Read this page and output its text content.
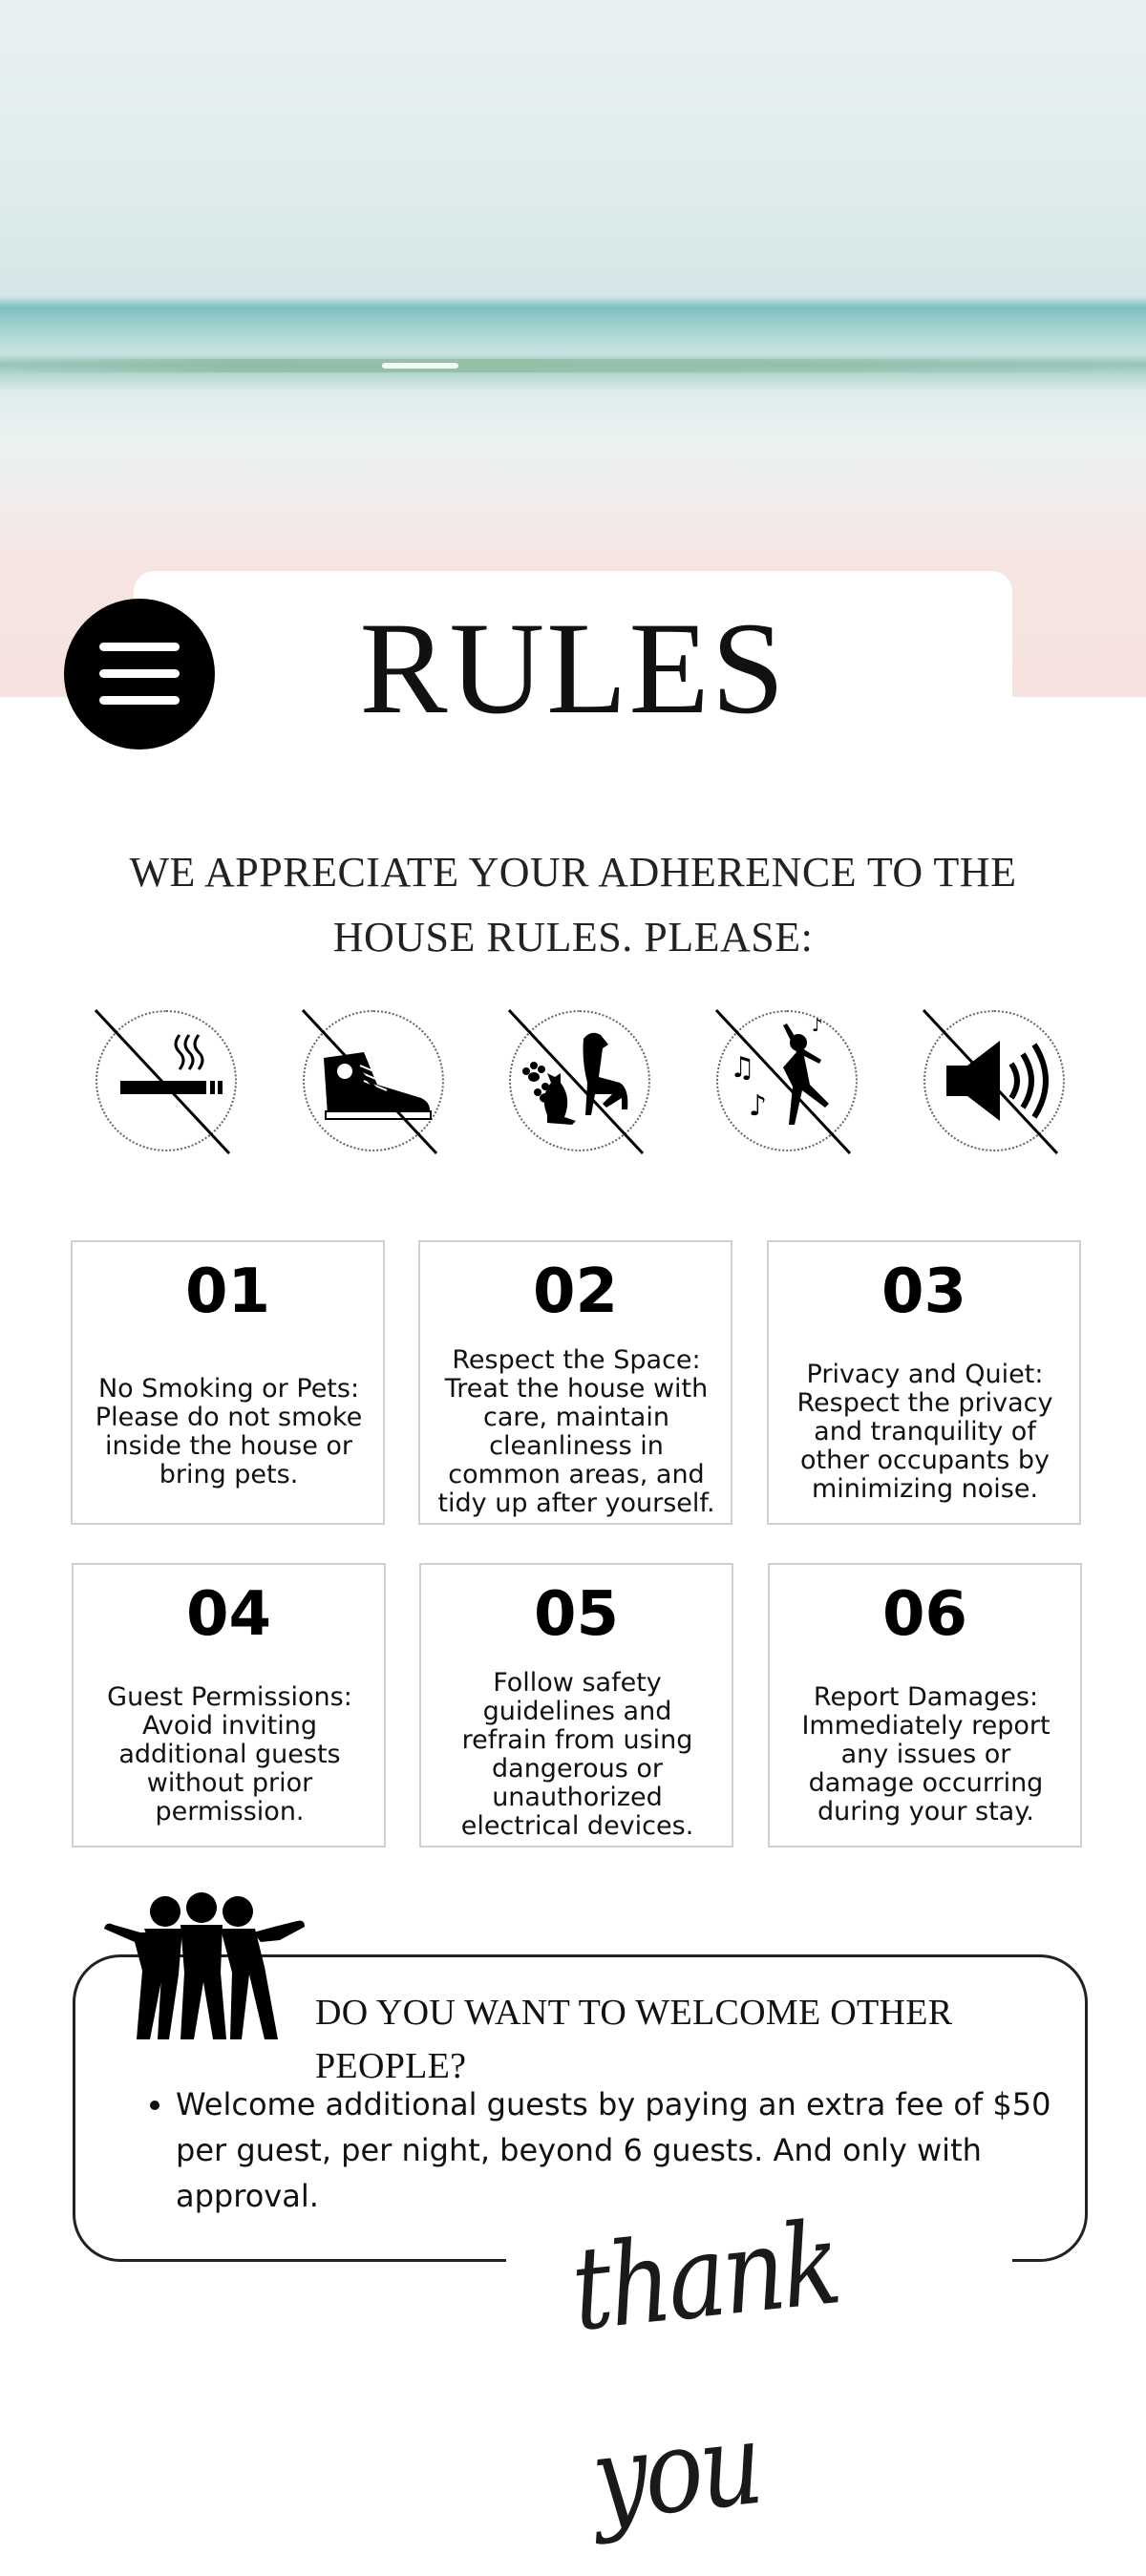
RULES
WE APPRECIATE YOUR ADHERENCE TO THE
HOUSE RULES. PLEASE:
♫
♪
♪
01
No Smoking or Pets: Please do not smoke inside the house or bring pets.
02
Respect the Space: Treat the house with care, maintain cleanliness in common areas, and tidy up after yourself.
03
Privacy and Quiet: Respect the privacy and tranquility of other occupants by minimizing noise.
04
Guest Permissions: Avoid inviting additional guests without prior permission.
05
Follow safety guidelines and refrain from using dangerous or unauthorized electrical devices.
06
Report Damages: Immediately report any issues or damage occurring during your stay.
DO YOU WANT TO WELCOME OTHER PEOPLE?
• Welcome additional guests by paying an extra fee of $50 per guest, per night, beyond 6 guests. And only with approval.
thank you
